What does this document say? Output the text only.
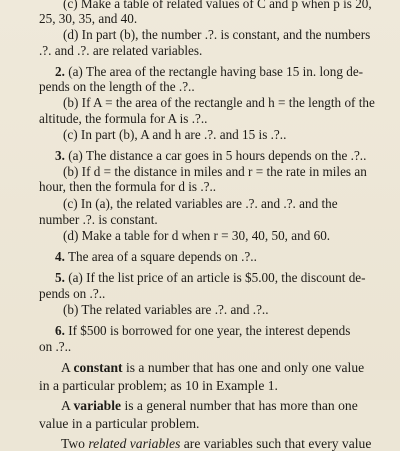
(c) Make a table of related values of C and p when p is 20,
25, 30, 35, and 40.
(d) In part (b), the number .?. is constant, and the numbers
.?. and .?. are related variables.
2. (a) The area of the rectangle having base 15 in. long de-
pends on the length of the .?..
(b) If A = the area of the rectangle and h = the length of the
altitude, the formula for A is .?..
(c) In part (b), A and h are .?. and 15 is .?..
3. (a) The distance a car goes in 5 hours depends on the .?..
(b) If d = the distance in miles and r = the rate in miles an
hour, then the formula for d is .?..
(c) In (a), the related variables are .?. and .?. and the
number .?. is constant.
(d) Make a table for d when r = 30, 40, 50, and 60.
4. The area of a square depends on .?..
5. (a) If the list price of an article is $5.00, the discount de-
pends on .?..
(b) The related variables are .?. and .?..
6. If $500 is borrowed for one year, the interest depends
on .?..
A constant is a number that has one and only one value
in a particular problem; as 10 in Example 1.
A variable is a general number that has more than one
value in a particular problem.
Two related variables are variables such that every value
